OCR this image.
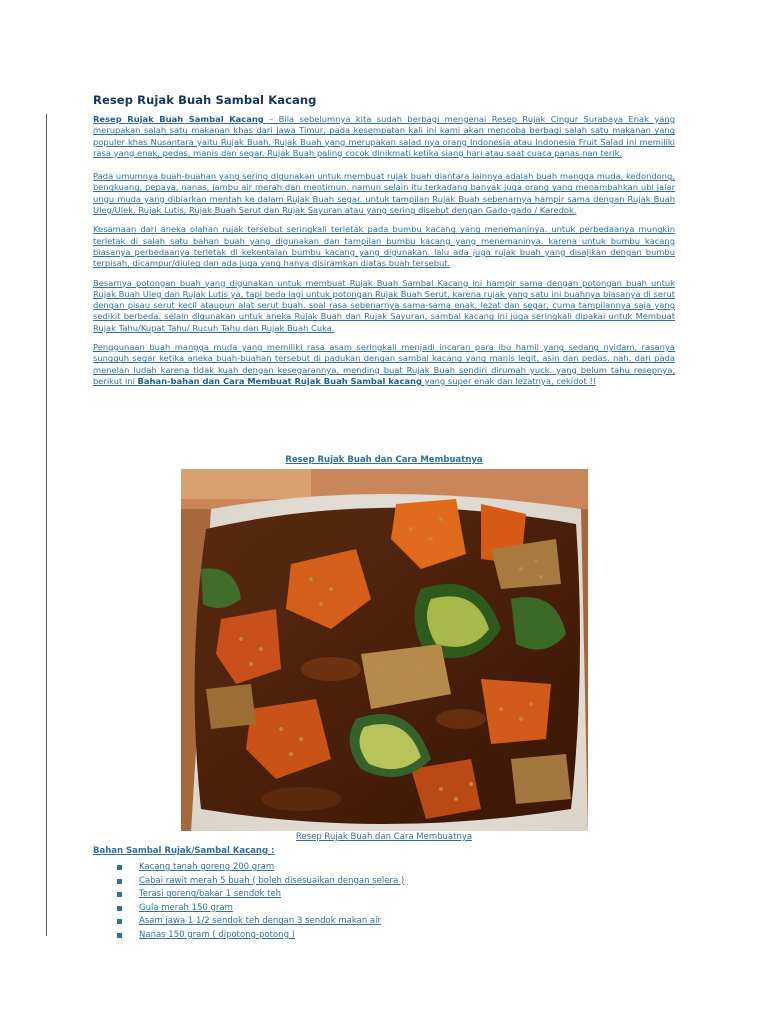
Resep Rujak Buah Sambal Kacang

Resep Rujak Buah Sambal Kacang – Bila sebelumnya kita sudah berbagi mengenai Resep Rujak Cingur Surabaya Enak yang merupakan salah satu makanan khas dari Jawa Timur, pada kesempatan kali ini kami akan mencoba berbagi salah satu makanan yang populer khas Nusantara yaitu Rujak Buah. Rujak Buah yang merupakan salad nya orang Indonesia atau Indonesia Fruit Salad ini memiliki rasa yang enak, pedas, manis dan segar. Rujak Buah paling cocok dinikmati ketika siang hari atau saat cuaca panas nan terik.

Pada umumnya buah-buahan yang sering digunakan untuk membuat rujak buah diantara lainnya adalah buah mangga muda, kedondong, bengkuang, pepaya, nanas, jambu air merah dan mentimun. namun selain itu terkadang banyak juga orang yang menambahkan ubi jalar ungu muda yang dibiarkan mentah ke dalam Rujak Buah segar. untuk tampilan Rujak Buah sebenarnya hampir sama dengan Rujak Buah Uleg/Ulek, Rujak Lutis, Rujak Buah Serut dan Rujak Sayuran atau yang sering disebut dengan Gado-gado / Karedok.

Kesamaan dari aneka olahan rujak tersebut seringkali terletak pada bumbu kacang yang menemaninya. untuk perbedaanya mungkin terletak di salah satu bahan buah yang digunakan dan tampilan bumbu kacang yang menemaninya. karena untuk bumbu kacang biasanya perbedaanya terletak di kekentalan bumbu kacang yang digunakan. lalu ada juga rujak buah yang disajikan dengan bumbu terpisah, dicampur/diuleg dan ada juga yang hanya disiramkan diatas buah tersebut.

Besarnya potongan buah yang digunakan untuk membuat Rujak Buah Sambal Kacang ini hampir sama dengan potongan buah untuk Rujak Buah Uleg dan Rujak Lutis ya, tapi beda lagi untuk potongan Rujak Buah Serut, karena rujak yang satu ini buahnya biasanya di serut dengan pisau serut kecil ataupun alat serut buah. soal rasa sebenarnya sama-sama enak, lezat dan segar, cuma tampilannya saja yang sedikit berbeda. selain digunakan untuk aneka Rujak Buah dan Rujak Sayuran, sambal kacang ini juga seringkali dipakai untuk Membuat Rujak Tahu/Kupat Tahu/ Rucuh Tahu dan Rujak Buah Cuka.

Penggunaan buah mangga muda yang memiliki rasa asam seringkali menjadi incaran para ibu hamil yang sedang nyidam, rasanya sungguh segar ketika aneka buah-buahan tersebut di padukan dengan sambal kacang yang manis legit, asin dan pedas. nah, dari pada menelan ludah karena tidak kuah dengan kesegarannya, mending buat Rujak Buah sendiri dirumah yuck. yang belum tahu resepnya, berikut ini Bahan-bahan dan Cara Membuat Rujak Buah Sambal kacang yang super enak dan lezatnya, cekidot !!

Resep Rujak Buah dan Cara Membuatnya
Resep Rujak Buah dan Cara Membuatnya
Bahan Sambal Rujak/Sambal Kacang :
Kacang tanah goreng 200 gram
Cabai rawit merah 5 buah ( boleh disesuaikan dengan selera )
Terasi goreng/bakar 1 sendok teh
Gula merah 150 gram
Asam jawa 1 1/2 sendok teh dengan 3 sendok makan air
Nanas 150 gram ( dipotong-potong )
